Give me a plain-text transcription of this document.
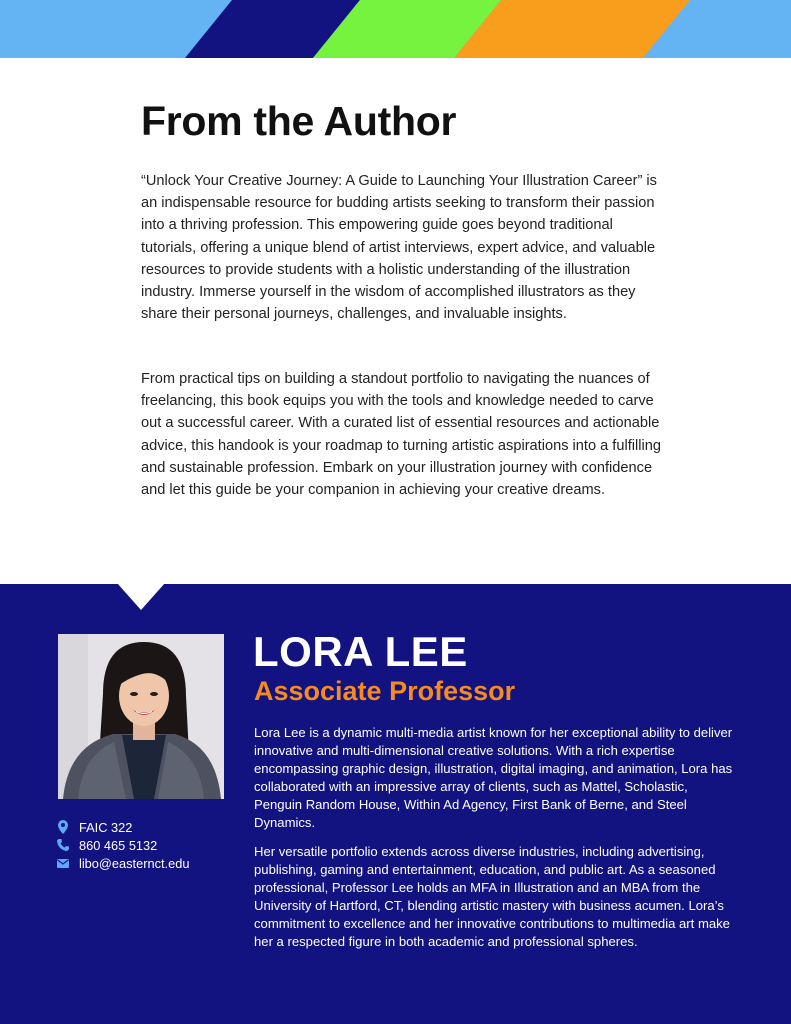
From the Author

“Unlock Your Creative Journey: A Guide to Launching Your Illustration Career” is an indispensable resource for budding artists seeking to transform their passion into a thriving profession. This empowering guide goes beyond traditional tutorials, offering a unique blend of artist interviews, expert advice, and valuable resources to provide students with a holistic understanding of the illustration industry. Immerse yourself in the wisdom of accomplished illustrators as they share their personal journeys, challenges, and invaluable insights.

From practical tips on building a standout portfolio to navigating the nuances of freelancing, this book equips you with the tools and knowledge needed to carve out a successful career. With a curated list of essential resources and actionable advice, this handook is your roadmap to turning artistic aspirations into a fulfilling and sustainable profession. Embark on your illustration journey with confidence and let this guide be your companion in achieving your creative dreams.

FAIC 322

860 465 5132

libo@easternct.edu

LORA LEE
Associate Professor

Lora Lee is a dynamic multi-media artist known for her exceptional ability to deliver innovative and multi-dimensional creative solutions. With a rich expertise encompassing graphic design, illustration, digital imaging, and animation, Lora has collaborated with an impressive array of clients, such as Mattel, Scholastic, Penguin Random House, Within Ad Agency, First Bank of Berne, and Steel Dynamics.

Her versatile portfolio extends across diverse industries, including advertising, publishing, gaming and entertainment, education, and public art. As a seasoned professional, Professor Lee holds an MFA in Illustration and an MBA from the University of Hartford, CT, blending artistic mastery with business acumen. Lora’s commitment to excellence and her innovative contributions to multimedia art make her a respected figure in both academic and professional spheres.
